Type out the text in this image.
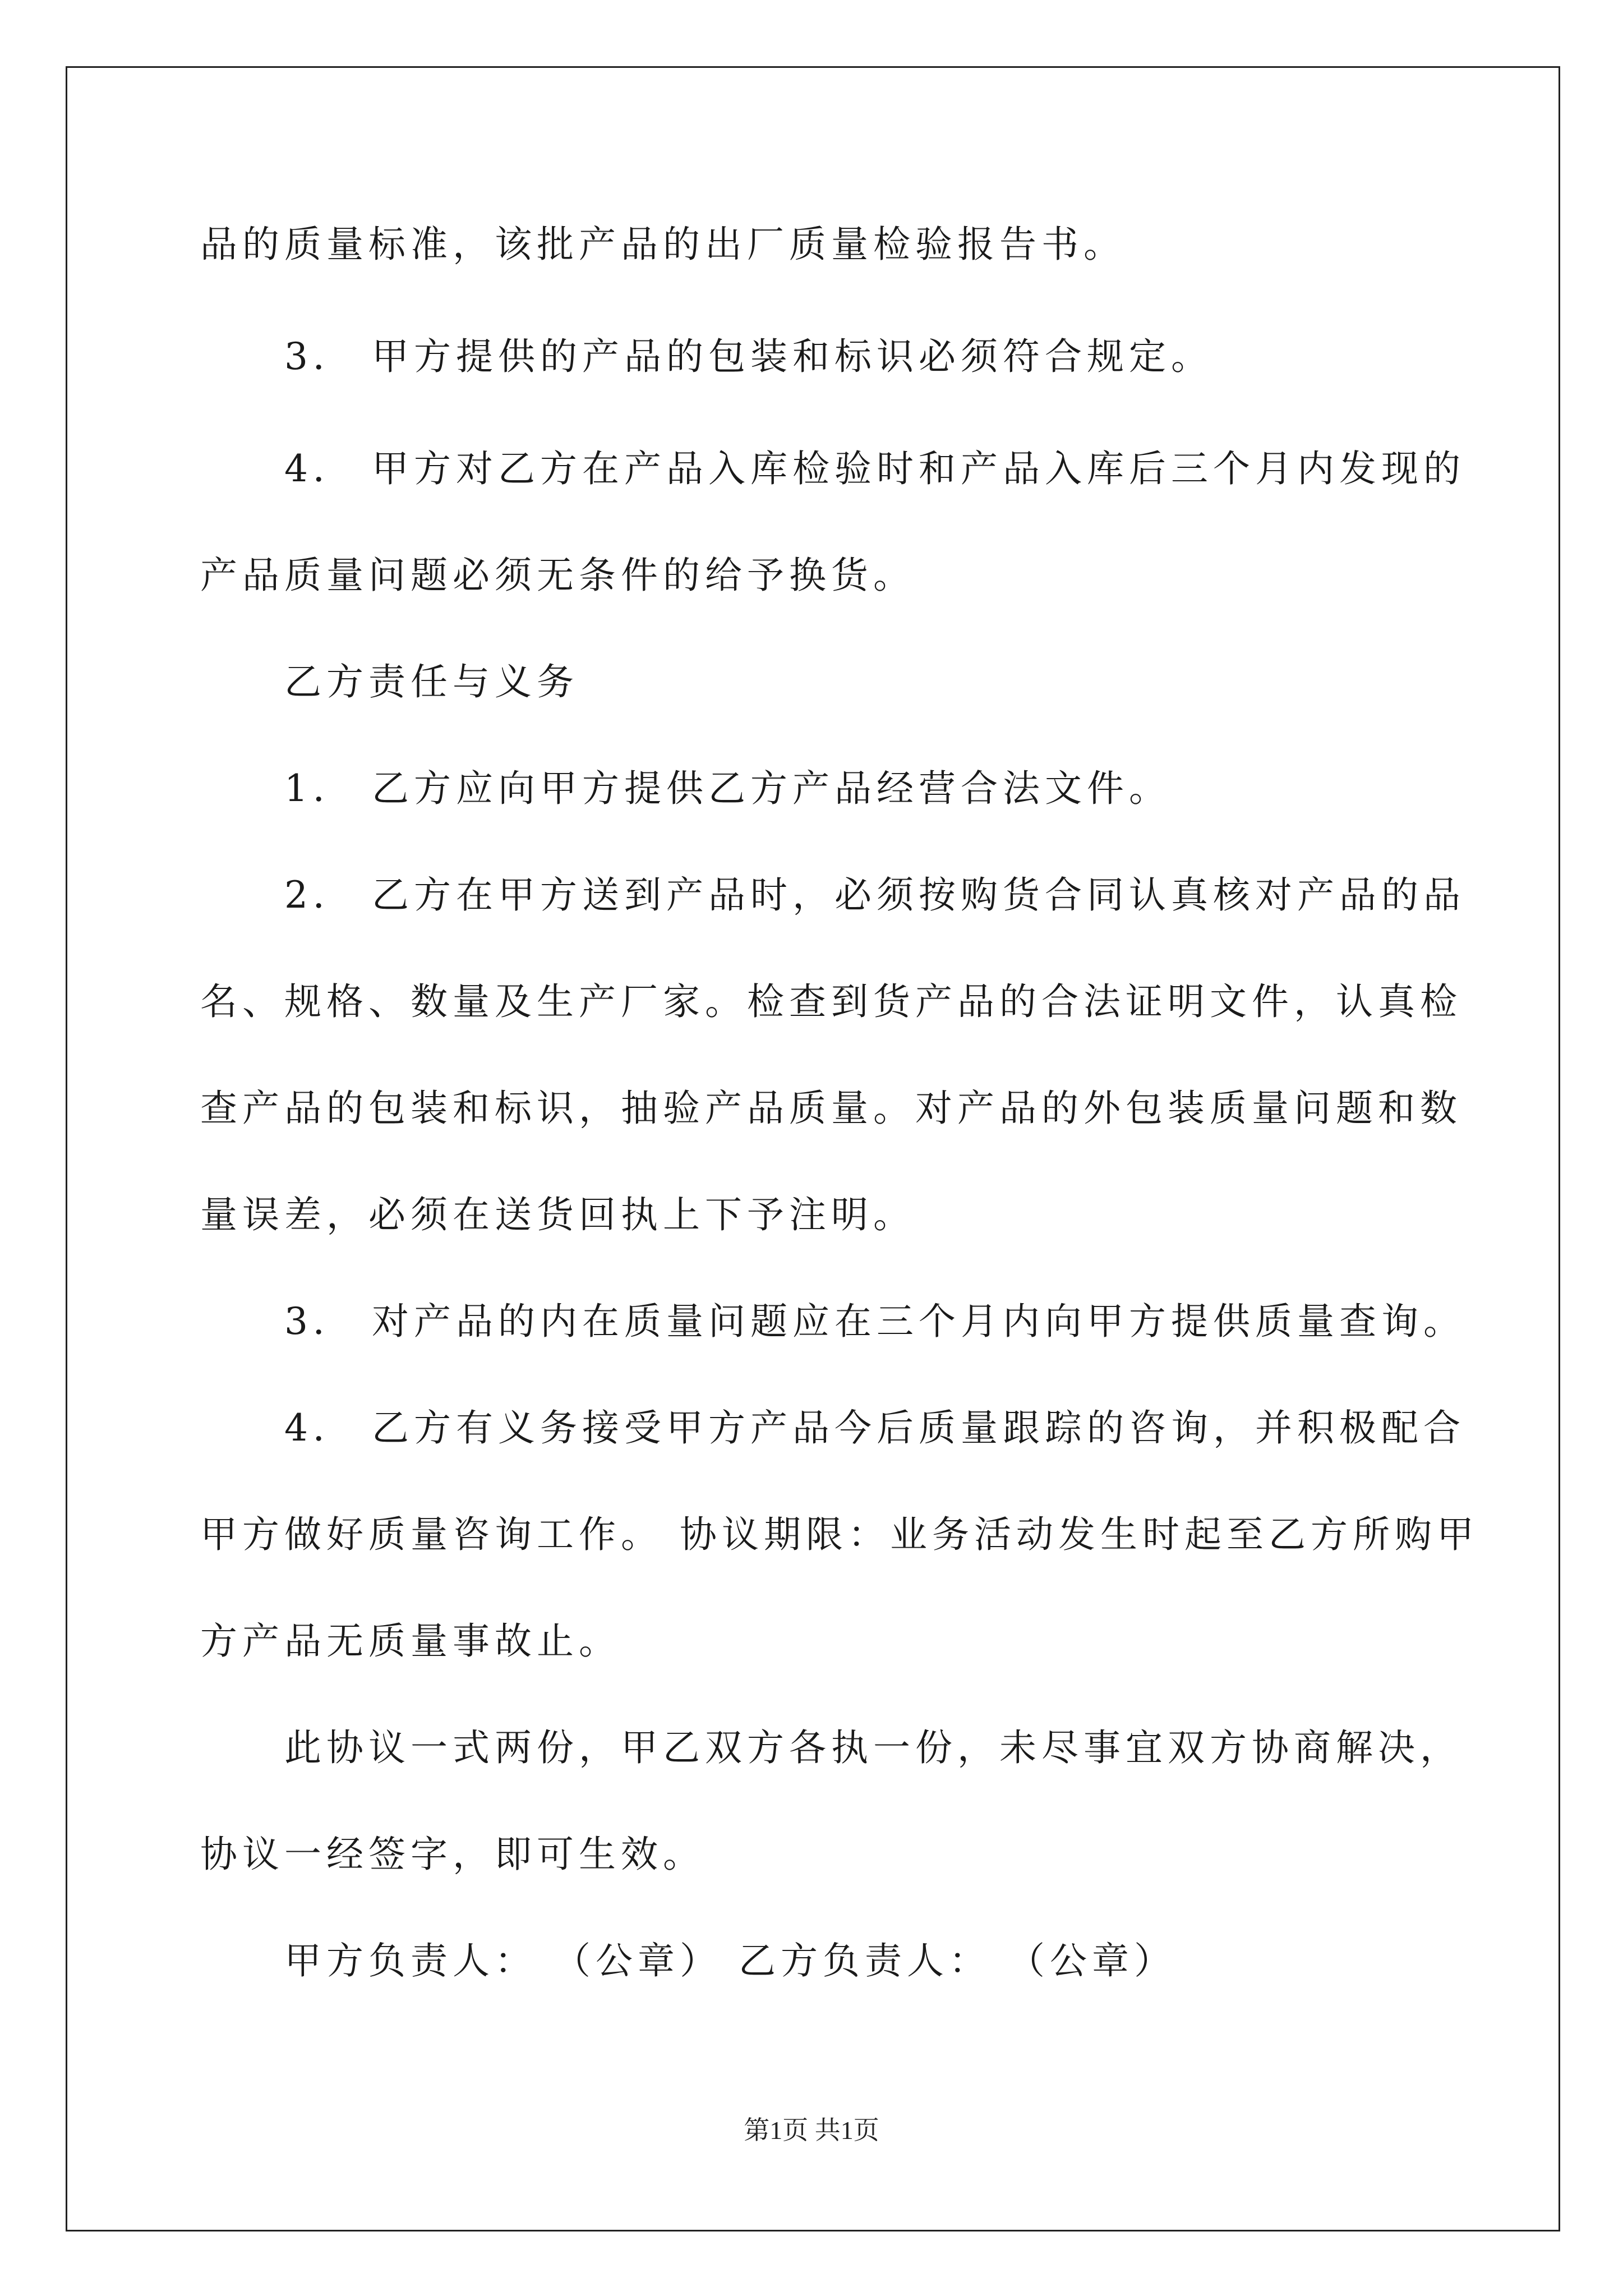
品的质量标准，该批产品的出厂质量检验报告书。
3． 甲方提供的产品的包装和标识必须符合规定。
4． 甲方对乙方在产品入库检验时和产品入库后三个月内发现的
产品质量问题必须无条件的给予换货。
乙方责任与义务
1． 乙方应向甲方提供乙方产品经营合法文件。
2． 乙方在甲方送到产品时，必须按购货合同认真核对产品的品
名、规格、数量及生产厂家。检查到货产品的合法证明文件，认真检
查产品的包装和标识，抽验产品质量。对产品的外包装质量问题和数
量误差，必须在送货回执上下予注明。
3． 对产品的内在质量问题应在三个月内向甲方提供质量查询。
4． 乙方有义务接受甲方产品今后质量跟踪的咨询，并积极配合
甲方做好质量咨询工作。 协议期限：业务活动发生时起至乙方所购甲
方产品无质量事故止。
此协议一式两份，甲乙双方各执一份，未尽事宜双方协商解决，
协议一经签字，即可生效。
甲方负责人： （公章） 乙方负责人： （公章）
第1页 共1页
